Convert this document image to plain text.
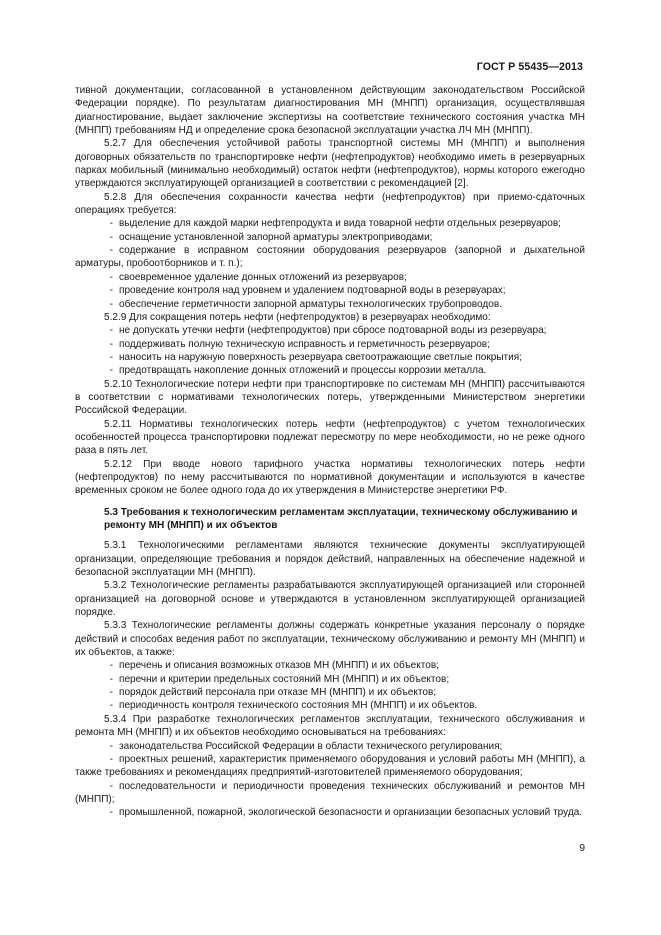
ГОСТ Р 55435—2013

тивной документации, согласованной в установленном действующим законодательством Российской Федерации порядке). По результатам диагностирования МН (МНПП) организация, осуществлявшая диагностирование, выдает заключение экспертизы на соответствие технического состояния участка МН (МНПП) требованиям НД и определение срока безопасной эксплуатации участка ЛЧ МН (МНПП).

5.2.7 Для обеспечения устойчивой работы транспортной системы МН (МНПП) и выполнения договорных обязательств по транспортировке нефти (нефтепродуктов) необходимо иметь в резервуарных парках мобильный (минимально необходимый) остаток нефти (нефтепродуктов), нормы которого ежегодно утверждаются эксплуатирующей организацией в соответствии с рекомендацией [2].

5.2.8 Для обеспечения сохранности качества нефти (нефтепродуктов) при приемо-сдаточных операциях требуется:

- выделение для каждой марки нефтепродукта и вида товарной нефти отдельных резервуаров;

- оснащение установленной запорной арматуры электроприводами;

- содержание в исправном состоянии оборудования резервуаров (запорной и дыхательной арматуры, пробоотборников и т. п.);

- своевременное удаление донных отложений из резервуаров;

- проведение контроля над уровнем и удалением подтоварной воды в резервуарах;

- обеспечение герметичности запорной арматуры технологических трубопроводов.

5.2.9 Для сокращения потерь нефти (нефтепродуктов) в резервуарах необходимо:

- не допускать утечки нефти (нефтепродуктов) при сбросе подтоварной воды из резервуара;

- поддерживать полную техническую исправность и герметичность резервуаров;

- наносить на наружную поверхность резервуара светоотражающие светлые покрытия;

- предотвращать накопление донных отложений и процессы коррозии металла.

5.2.10 Технологические потери нефти при транспортировке по системам МН (МНПП) рассчитываются в соответствии с нормативами технологических потерь, утвержденными Министерством энергетики Российской Федерации.

5.2.11 Нормативы технологических потерь нефти (нефтепродуктов) с учетом технологических особенностей процесса транспортировки подлежат пересмотру по мере необходимости, но не реже одного раза в пять лет.

5.2.12 При вводе нового тарифного участка нормативы технологических потерь нефти (нефтепродуктов) по нему рассчитываются по нормативной документации и используются в качестве временных сроком не более одного года до их утверждения в Министерстве энергетики РФ.

5.3 Требования к технологическим регламентам эксплуатации, техническому обслуживанию и ремонту МН (МНПП) и их объектов

5.3.1 Технологическими регламентами являются технические документы эксплуатирующей организации, определяющие требования и порядок действий, направленных на обеспечение надежной и безопасной эксплуатации МН (МНПП).

5.3.2 Технологические регламенты разрабатываются эксплуатирующей организацией или сторонней организацией на договорной основе и утверждаются в установленном эксплуатирующей организацией порядке.

5.3.3 Технологические регламенты должны содержать конкретные указания персоналу о порядке действий и способах ведения работ по эксплуатации, техническому обслуживанию и ремонту МН (МНПП) и их объектов, а также:

- перечень и описания возможных отказов МН (МНПП) и их объектов;

- перечни и критерии предельных состояний МН (МНПП) и их объектов;

- порядок действий персонала при отказе МН (МНПП) и их объектов;

- периодичность контроля технического состояния МН (МНПП) и их объектов.

5.3.4 При разработке технологических регламентов эксплуатации, технического обслуживания и ремонта МН (МНПП) и их объектов необходимо основываться на требованиях:

- законодательства Российской Федерации в области технического регулирования;

- проектных решений, характеристик применяемого оборудования и условий работы МН (МНПП), а также требованиях и рекомендациях предприятий-изготовителей применяемого оборудования;

- последовательности и периодичности проведения технических обслуживаний и ремонтов МН (МНПП);

- промышленной, пожарной, экологической безопасности и организации безопасных условий труда.

9
